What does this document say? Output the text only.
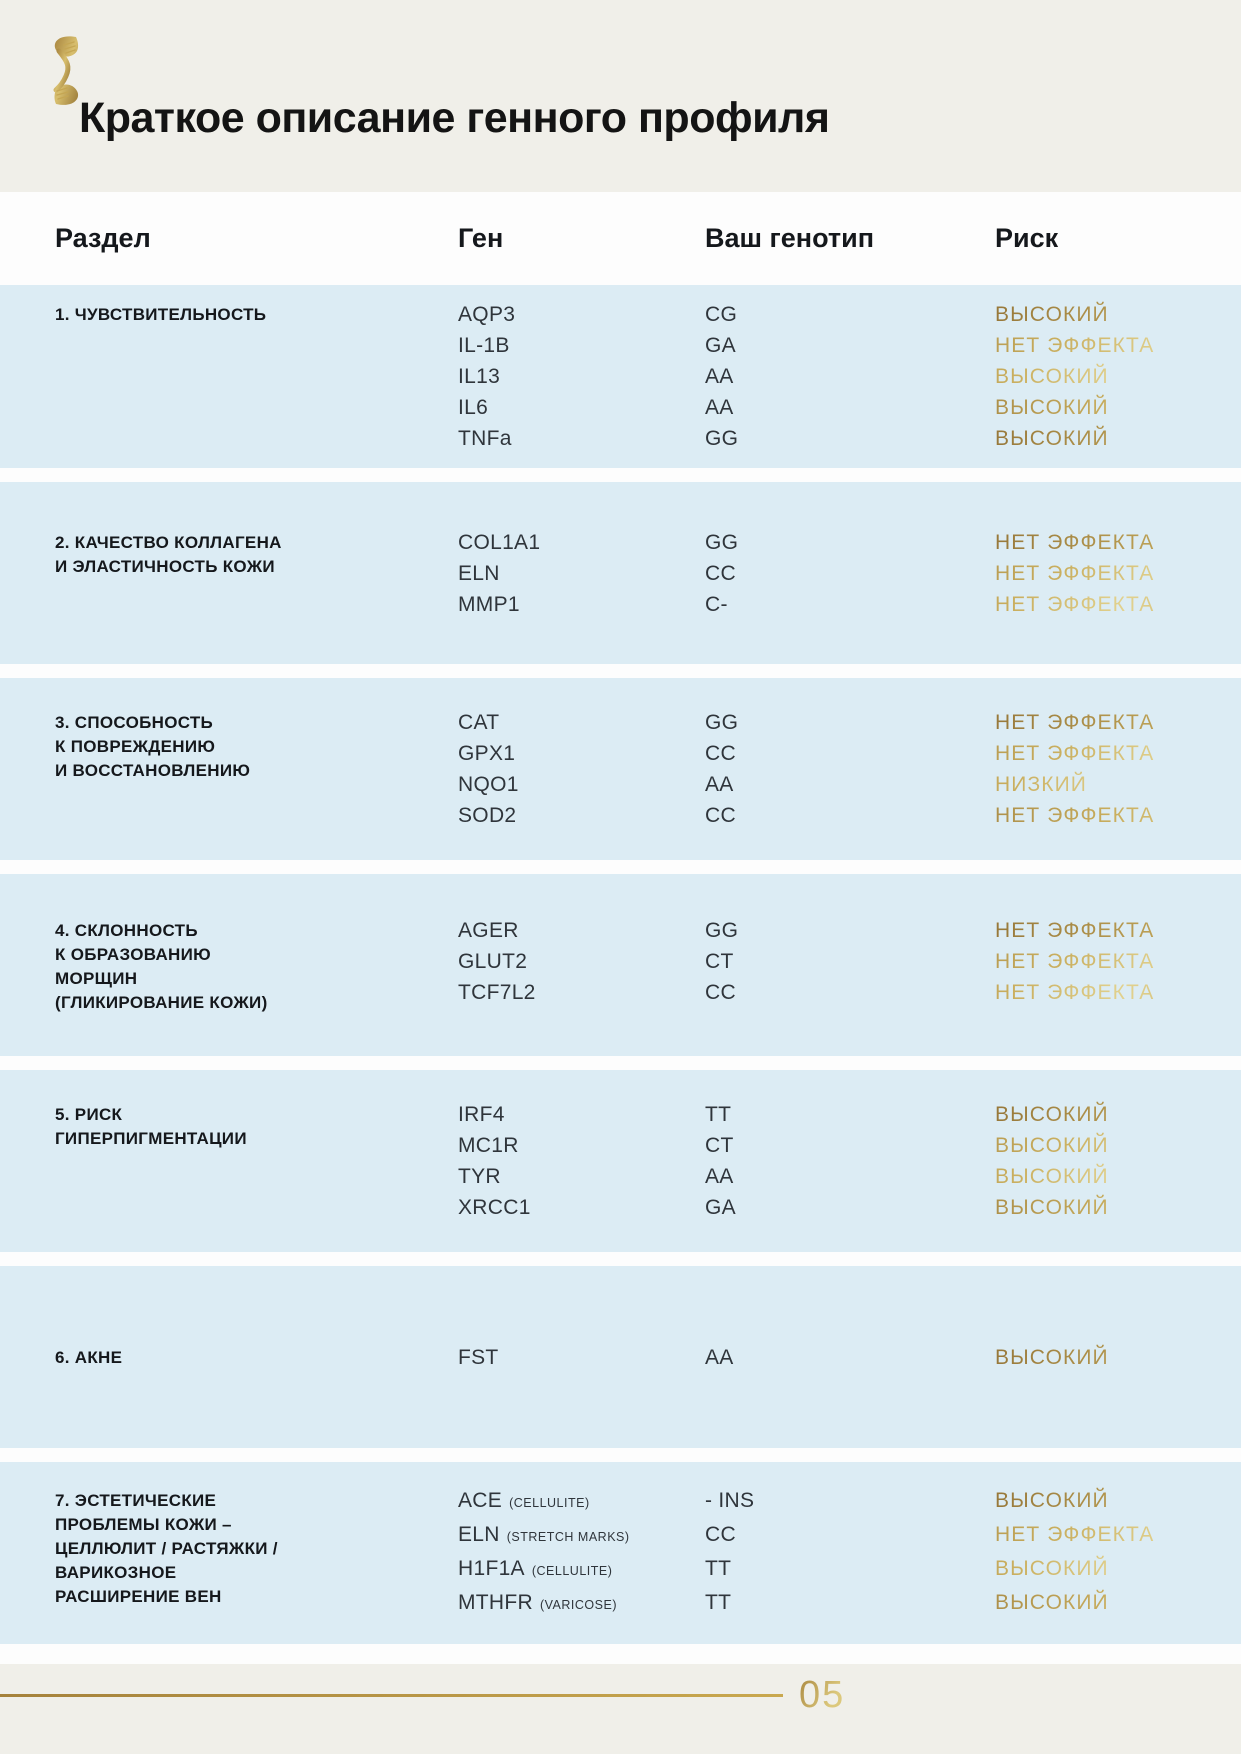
Краткое описание генного профиля
Раздел	Ген	Ваш генотип	Риск
1. ЧУВСТВИТЕЛЬНОСТЬ	AQP3	CG	ВЫСОКИЙ
IL-1B	GA	НЕТ ЭФФЕКТА
IL13	AA	ВЫСОКИЙ
IL6	AA	ВЫСОКИЙ
TNFa	GG	ВЫСОКИЙ
2. КАЧЕСТВО КОЛЛАГЕНА
И ЭЛАСТИЧНОСТЬ КОЖИ
COL1A1	GG	НЕТ ЭФФЕКТА
ELN	CC	НЕТ ЭФФЕКТА
MMP1	C-	НЕТ ЭФФЕКТА
3. СПОСОБНОСТЬ
К ПОВРЕЖДЕНИЮ
И ВОССТАНОВЛЕНИЮ
CAT	GG	НЕТ ЭФФЕКТА
GPX1	CC	НЕТ ЭФФЕКТА
NQO1	AA	НИЗКИЙ
SOD2	CC	НЕТ ЭФФЕКТА
4. СКЛОННОСТЬ
К ОБРАЗОВАНИЮ
МОРЩИН
(ГЛИКИРОВАНИЕ КОЖИ)
AGER	GG	НЕТ ЭФФЕКТА
GLUT2	CT	НЕТ ЭФФЕКТА
TCF7L2	CC	НЕТ ЭФФЕКТА
5. РИСК
ГИПЕРПИГМЕНТАЦИИ
IRF4	TT	ВЫСОКИЙ
MC1R	CT	ВЫСОКИЙ
TYR	AA	ВЫСОКИЙ
XRCC1	GA	ВЫСОКИЙ
6. АКНЕ	FST	AA	ВЫСОКИЙ
7. ЭСТЕТИЧЕСКИЕ
ПРОБЛЕМЫ КОЖИ –
ЦЕЛЛЮЛИТ / РАСТЯЖКИ /
ВАРИКОЗНОЕ
РАСШИРЕНИЕ ВЕН
ACE (CELLULITE)	- INS	ВЫСОКИЙ
ELN (STRETCH MARKS)	CC	НЕТ ЭФФЕКТА
H1F1A (CELLULITE)	TT	ВЫСОКИЙ
MTHFR (VARICOSE)	TT	ВЫСОКИЙ
05
